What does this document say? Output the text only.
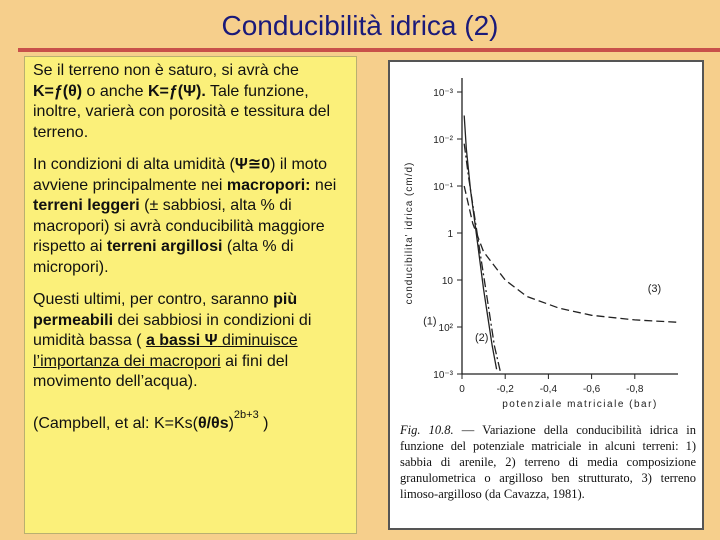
Conducibilità idrica (2)

Se il terreno non è saturo, si avrà che K=ƒ(θ) o anche K=ƒ(Ψ). Tale funzione, inoltre, varierà con porosità e tessitura del terreno.

In condizioni di alta umidità (Ψ≅0) il moto avviene principalmente nei macropori: nei terreni leggeri (± sabbiosi, alta % di macropori) si avrà conducibilità maggiore rispetto ai terreni argillosi (alta % di micropori).

Questi ultimi, per contro, saranno più permeabili dei sabbiosi in condizioni di umidità bassa ( a bassi Ψ diminuisce l’importanza dei macropori ai fini del movimento dell’acqua).

(Campbell, et al: $K=Ks(\theta/\theta s)^{2b+3}$ )

10⁻³
10⁻²
10⁻¹
1
10
10²
10⁻³
0	-0,2	-0,4	-0,6	-0,8
potenziale matriciale (bar)
conducibilita' idrica (cm/d)
(1)
(2)
(3)
Fig. 10.8. — Variazione della conducibilità idrica in funzione del potenziale matriciale in alcuni terreni: 1) sabbia di arenile, 2) terreno di media composizione granulometrica o argilloso ben strutturato, 3) terreno limoso-argilloso (da Cavazza, 1981).
